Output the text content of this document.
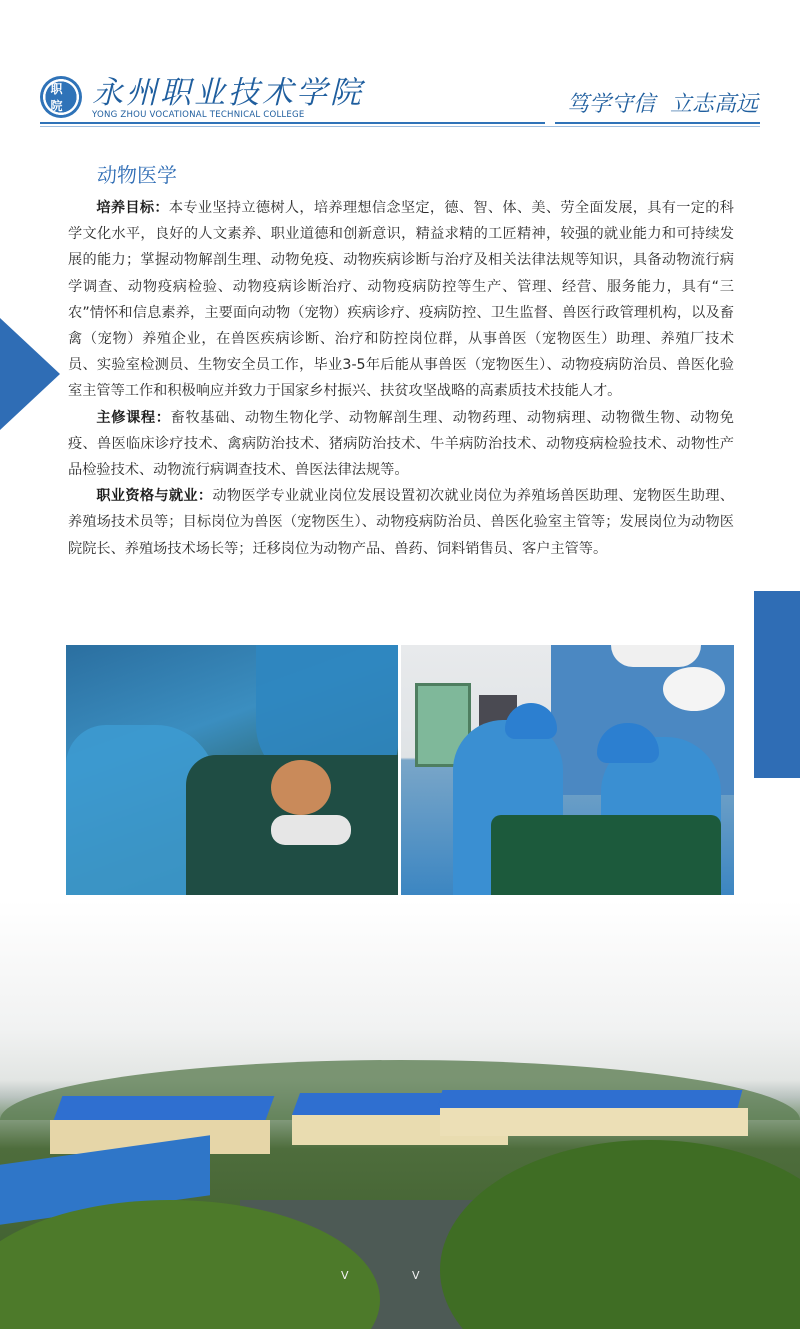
职院 永州职业技术学院
YONG ZHOU VOCATIONAL TECHNICAL COLLEGE	笃学守信 立志高远
动物医学

培养目标：本专业坚持立德树人，培养理想信念坚定，德、智、体、美、劳全面发展，具有一定的科学文化水平，良好的人文素养、职业道德和创新意识，精益求精的工匠精神，较强的就业能力和可持续发展的能力；掌握动物解剖生理、动物免疫、动物疾病诊断与治疗及相关法律法规等知识，具备动物流行病学调查、动物疫病检验、动物疫病诊断治疗、动物疫病防控等生产、管理、经营、服务能力，具有“三农”情怀和信息素养，主要面向动物（宠物）疾病诊疗、疫病防控、卫生监督、兽医行政管理机构，以及畜禽（宠物）养殖企业，在兽医疾病诊断、治疗和防控岗位群，从事兽医（宠物医生）助理、养殖厂技术员、实验室检测员、生物安全员工作，毕业3-5年后能从事兽医（宠物医生）、动物疫病防治员、兽医化验室主管等工作和积极响应并致力于国家乡村振兴、扶贫攻坚战略的高素质技术技能人才。

主修课程：畜牧基础、动物生物化学、动物解剖生理、动物药理、动物病理、动物微生物、动物免疫、兽医临床诊疗技术、禽病防治技术、猪病防治技术、牛羊病防治技术、动物疫病检验技术、动物性产品检验技术、动物流行病调查技术、兽医法律法规等。

职业资格与就业：动物医学专业就业岗位发展设置初次就业岗位为养殖场兽医助理、宠物医生助理、养殖场技术员等；目标岗位为兽医（宠物医生）、动物疫病防治员、兽医化验室主管等；发展岗位为动物医院院长、养殖场技术场长等；迁移岗位为动物产品、兽药、饲料销售员、客户主管等。

V V
